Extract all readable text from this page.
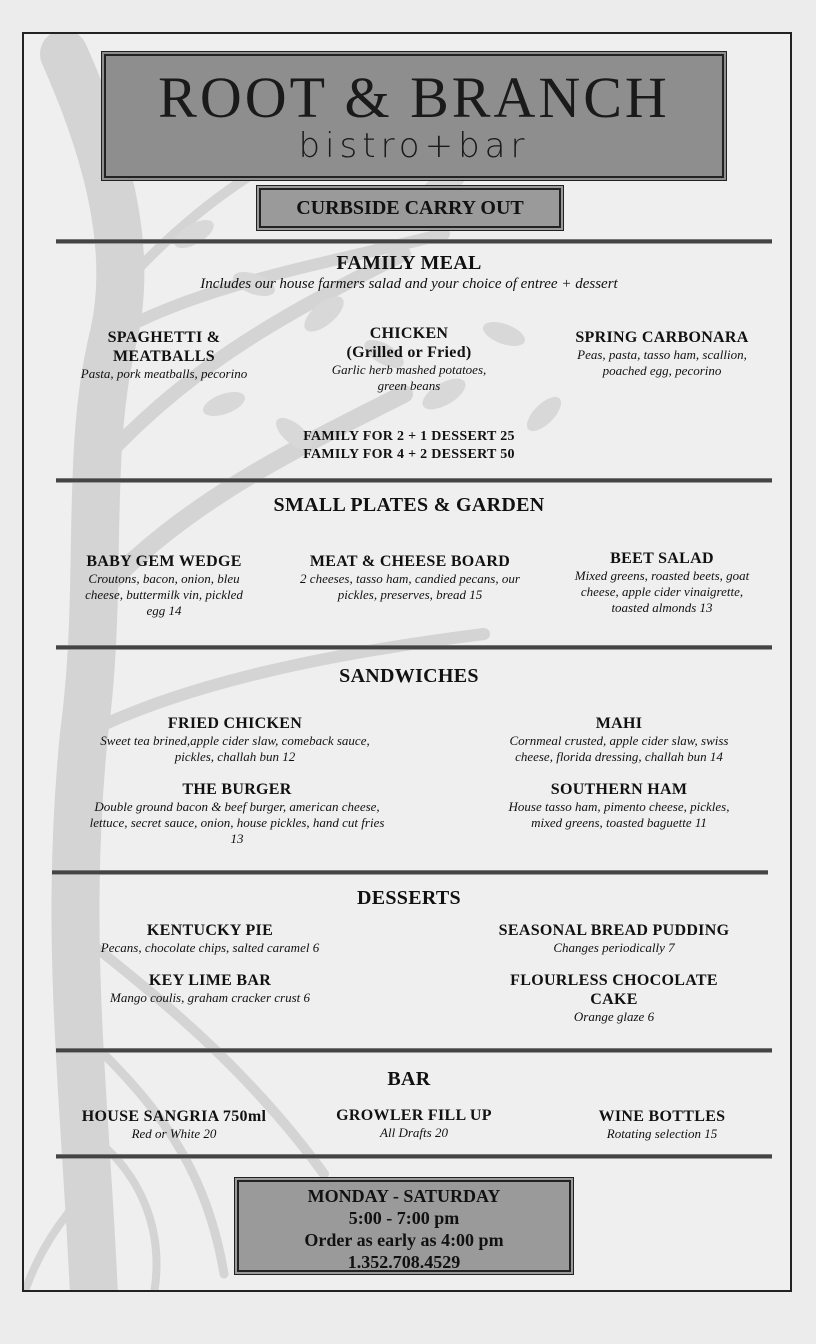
ROOT & BRANCH
bistro+bar
CURBSIDE CARRY OUT
FAMILY MEAL
Includes our house farmers salad and your choice of entree + dessert
SPAGHETTI & MEATBALLS
Pasta, pork meatballs, pecorino
CHICKEN
(Grilled or Fried)
Garlic herb mashed potatoes, green beans
SPRING CARBONARA
Peas, pasta, tasso ham, scallion, poached egg, pecorino
FAMILY FOR 2 + 1 DESSERT 25
FAMILY FOR 4 + 2 DESSERT 50
SMALL PLATES & GARDEN
BABY GEM WEDGE
Croutons, bacon, onion, bleu cheese, buttermilk vin, pickled egg 14
MEAT & CHEESE BOARD
2 cheeses, tasso ham, candied pecans, our pickles, preserves, bread 15
BEET SALAD
Mixed greens, roasted beets, goat cheese, apple cider vinaigrette, toasted almonds 13
SANDWICHES
FRIED CHICKEN
Sweet tea brined,apple cider slaw, comeback sauce, pickles, challah bun 12
MAHI
Cornmeal crusted, apple cider slaw, swiss cheese, florida dressing, challah bun 14
THE BURGER
Double ground bacon & beef burger, american cheese, lettuce, secret sauce, onion, house pickles, hand cut fries 13
SOUTHERN HAM
House tasso ham, pimento cheese, pickles, mixed greens, toasted baguette 11
DESSERTS
KENTUCKY PIE
Pecans, chocolate chips, salted caramel 6
SEASONAL BREAD PUDDING
Changes periodically 7
KEY LIME BAR
Mango coulis, graham cracker crust 6
FLOURLESS CHOCOLATE CAKE
Orange glaze 6
BAR
HOUSE SANGRIA 750ml
Red or White 20
GROWLER FILL UP
All Drafts 20
WINE BOTTLES
Rotating selection 15
MONDAY - SATURDAY
5:00 - 7:00 pm
Order as early as 4:00 pm
1.352.708.4529
